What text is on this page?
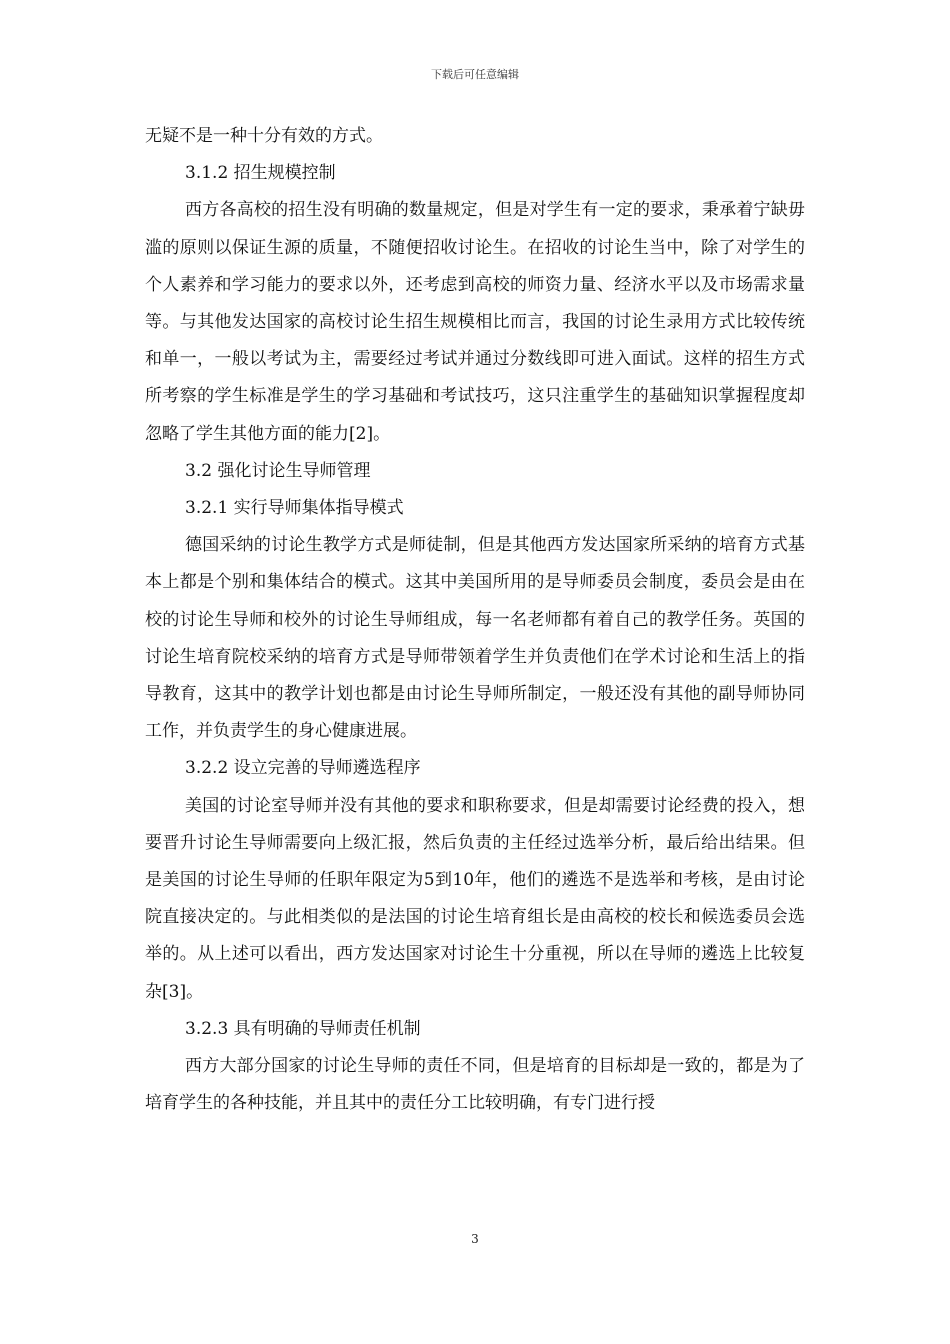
下载后可任意编辑

无疑不是一种十分有效的方式。

3.1.2 招生规模控制

西方各高校的招生没有明确的数量规定，但是对学生有一定的要求，秉承着宁缺毋滥的原则以保证生源的质量，不随便招收讨论生。在招收的讨论生当中，除了对学生的个人素养和学习能力的要求以外，还考虑到高校的师资力量、经济水平以及市场需求量等。与其他发达国家的高校讨论生招生规模相比而言，我国的讨论生录用方式比较传统和单一，一般以考试为主，需要经过考试并通过分数线即可进入面试。这样的招生方式所考察的学生标准是学生的学习基础和考试技巧，这只注重学生的基础知识掌握程度却忽略了学生其他方面的能力[2]。

3.2 强化讨论生导师管理

3.2.1 实行导师集体指导模式

德国采纳的讨论生教学方式是师徒制，但是其他西方发达国家所采纳的培育方式基本上都是个别和集体结合的模式。这其中美国所用的是导师委员会制度，委员会是由在校的讨论生导师和校外的讨论生导师组成，每一名老师都有着自己的教学任务。英国的讨论生培育院校采纳的培育方式是导师带领着学生并负责他们在学术讨论和生活上的指导教育，这其中的教学计划也都是由讨论生导师所制定，一般还没有其他的副导师协同工作，并负责学生的身心健康进展。

3.2.2 设立完善的导师遴选程序

美国的讨论室导师并没有其他的要求和职称要求，但是却需要讨论经费的投入，想要晋升讨论生导师需要向上级汇报，然后负责的主任经过选举分析，最后给出结果。但是美国的讨论生导师的任职年限定为5到10年，他们的遴选不是选举和考核，是由讨论院直接决定的。与此相类似的是法国的讨论生培育组长是由高校的校长和候选委员会选举的。从上述可以看出，西方发达国家对讨论生十分重视，所以在导师的遴选上比较复杂[3]。

3.2.3 具有明确的导师责任机制

西方大部分国家的讨论生导师的责任不同，但是培育的目标却是一致的，都是为了培育学生的各种技能，并且其中的责任分工比较明确，有专门进行授

3
